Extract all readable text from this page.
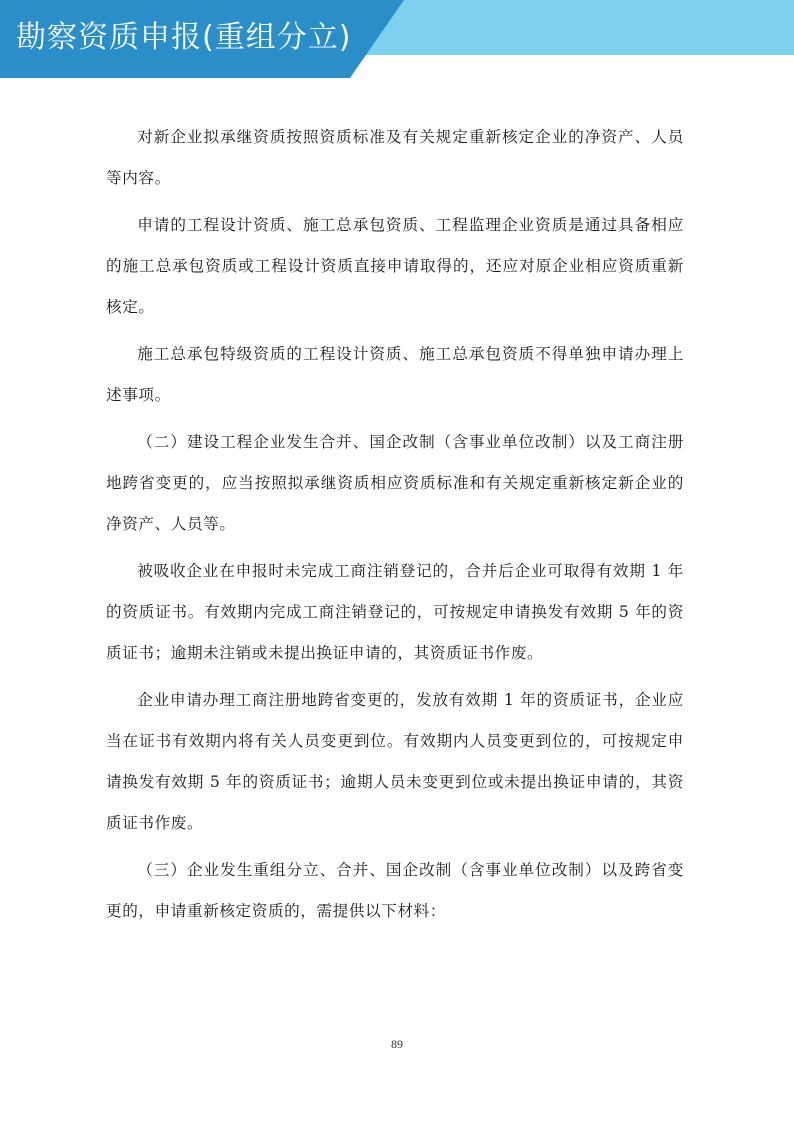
勘察资质申报(重组分立)

对新企业拟承继资质按照资质标准及有关规定重新核定企业的净资产、人员等内容。

申请的工程设计资质、施工总承包资质、工程监理企业资质是通过具备相应的施工总承包资质或工程设计资质直接申请取得的，还应对原企业相应资质重新核定。

施工总承包特级资质的工程设计资质、施工总承包资质不得单独申请办理上述事项。

（二）建设工程企业发生合并、国企改制（含事业单位改制）以及工商注册地跨省变更的，应当按照拟承继资质相应资质标准和有关规定重新核定新企业的净资产、人员等。

被吸收企业在申报时未完成工商注销登记的，合并后企业可取得有效期 1 年的资质证书。有效期内完成工商注销登记的，可按规定申请换发有效期 5 年的资质证书；逾期未注销或未提出换证申请的，其资质证书作废。

企业申请办理工商注册地跨省变更的，发放有效期 1 年的资质证书，企业应当在证书有效期内将有关人员变更到位。有效期内人员变更到位的，可按规定申请换发有效期 5 年的资质证书；逾期人员未变更到位或未提出换证申请的，其资质证书作废。

（三）企业发生重组分立、合并、国企改制（含事业单位改制）以及跨省变更的，申请重新核定资质的，需提供以下材料：

89
